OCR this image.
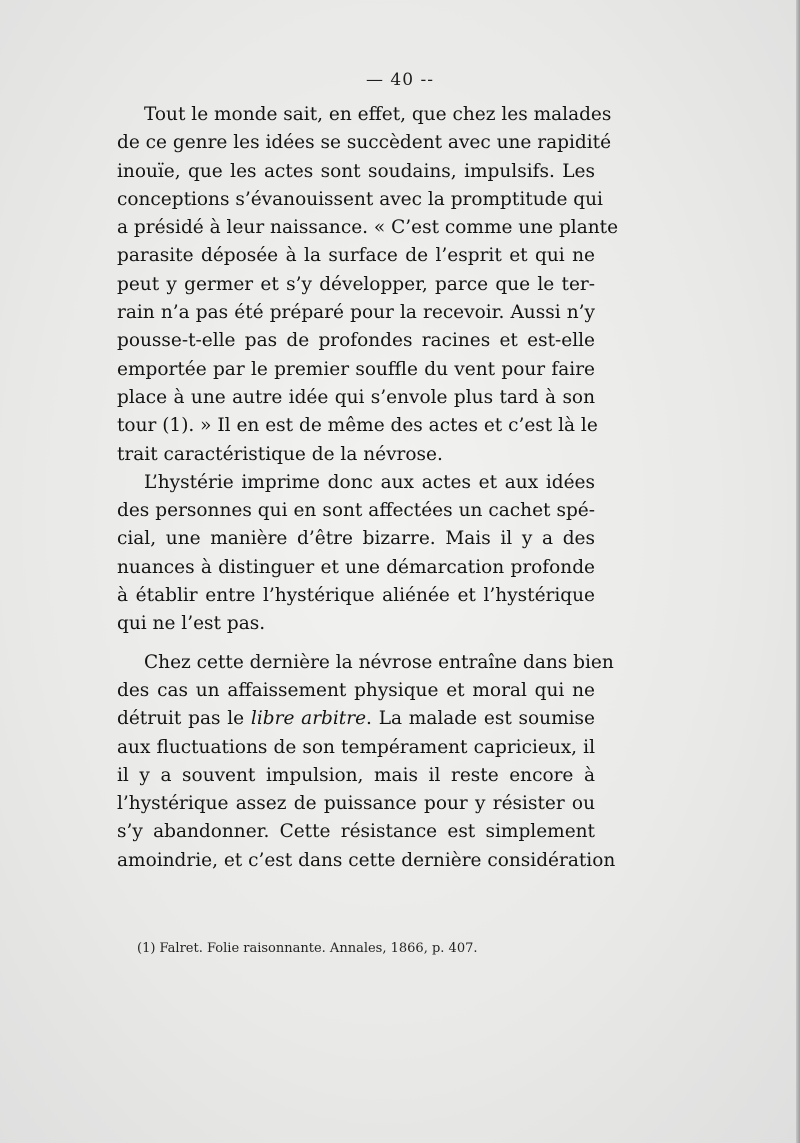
— 40 --

Tout le monde sait, en effet, que chez les malades
de ce genre les idées se succèdent avec une rapidité
inouïe, que les actes sont soudains, impulsifs. Les
conceptions s’évanouissent avec la promptitude qui
a présidé à leur naissance. « C’est comme une plante
parasite déposée à la surface de l’esprit et qui ne
peut y germer et s’y développer, parce que le ter-
rain n’a pas été préparé pour la recevoir. Aussi n’y
pousse-t-elle pas de profondes racines et est-elle
emportée par le premier souffle du vent pour faire
place à une autre idée qui s’envole plus tard à son
tour (1). » Il en est de même des actes et c’est là le
trait caractéristique de la névrose.
L’hystérie imprime donc aux actes et aux idées
des personnes qui en sont affectées un cachet spé-
cial, une manière d’être bizarre. Mais il y a des
nuances à distinguer et une démarcation profonde
à établir entre l’hystérique aliénée et l’hystérique
qui ne l’est pas.
Chez cette dernière la névrose entraîne dans bien
des cas un affaissement physique et moral qui ne
détruit pas le libre arbitre. La malade est soumise
aux fluctuations de son tempérament capricieux, il
il y a souvent impulsion, mais il reste encore à
l’hystérique assez de puissance pour y résister ou
s’y abandonner. Cette résistance est simplement
amoindrie, et c’est dans cette dernière considération

(1) Falret. Folie raisonnante. Annales, 1866, p. 407.
